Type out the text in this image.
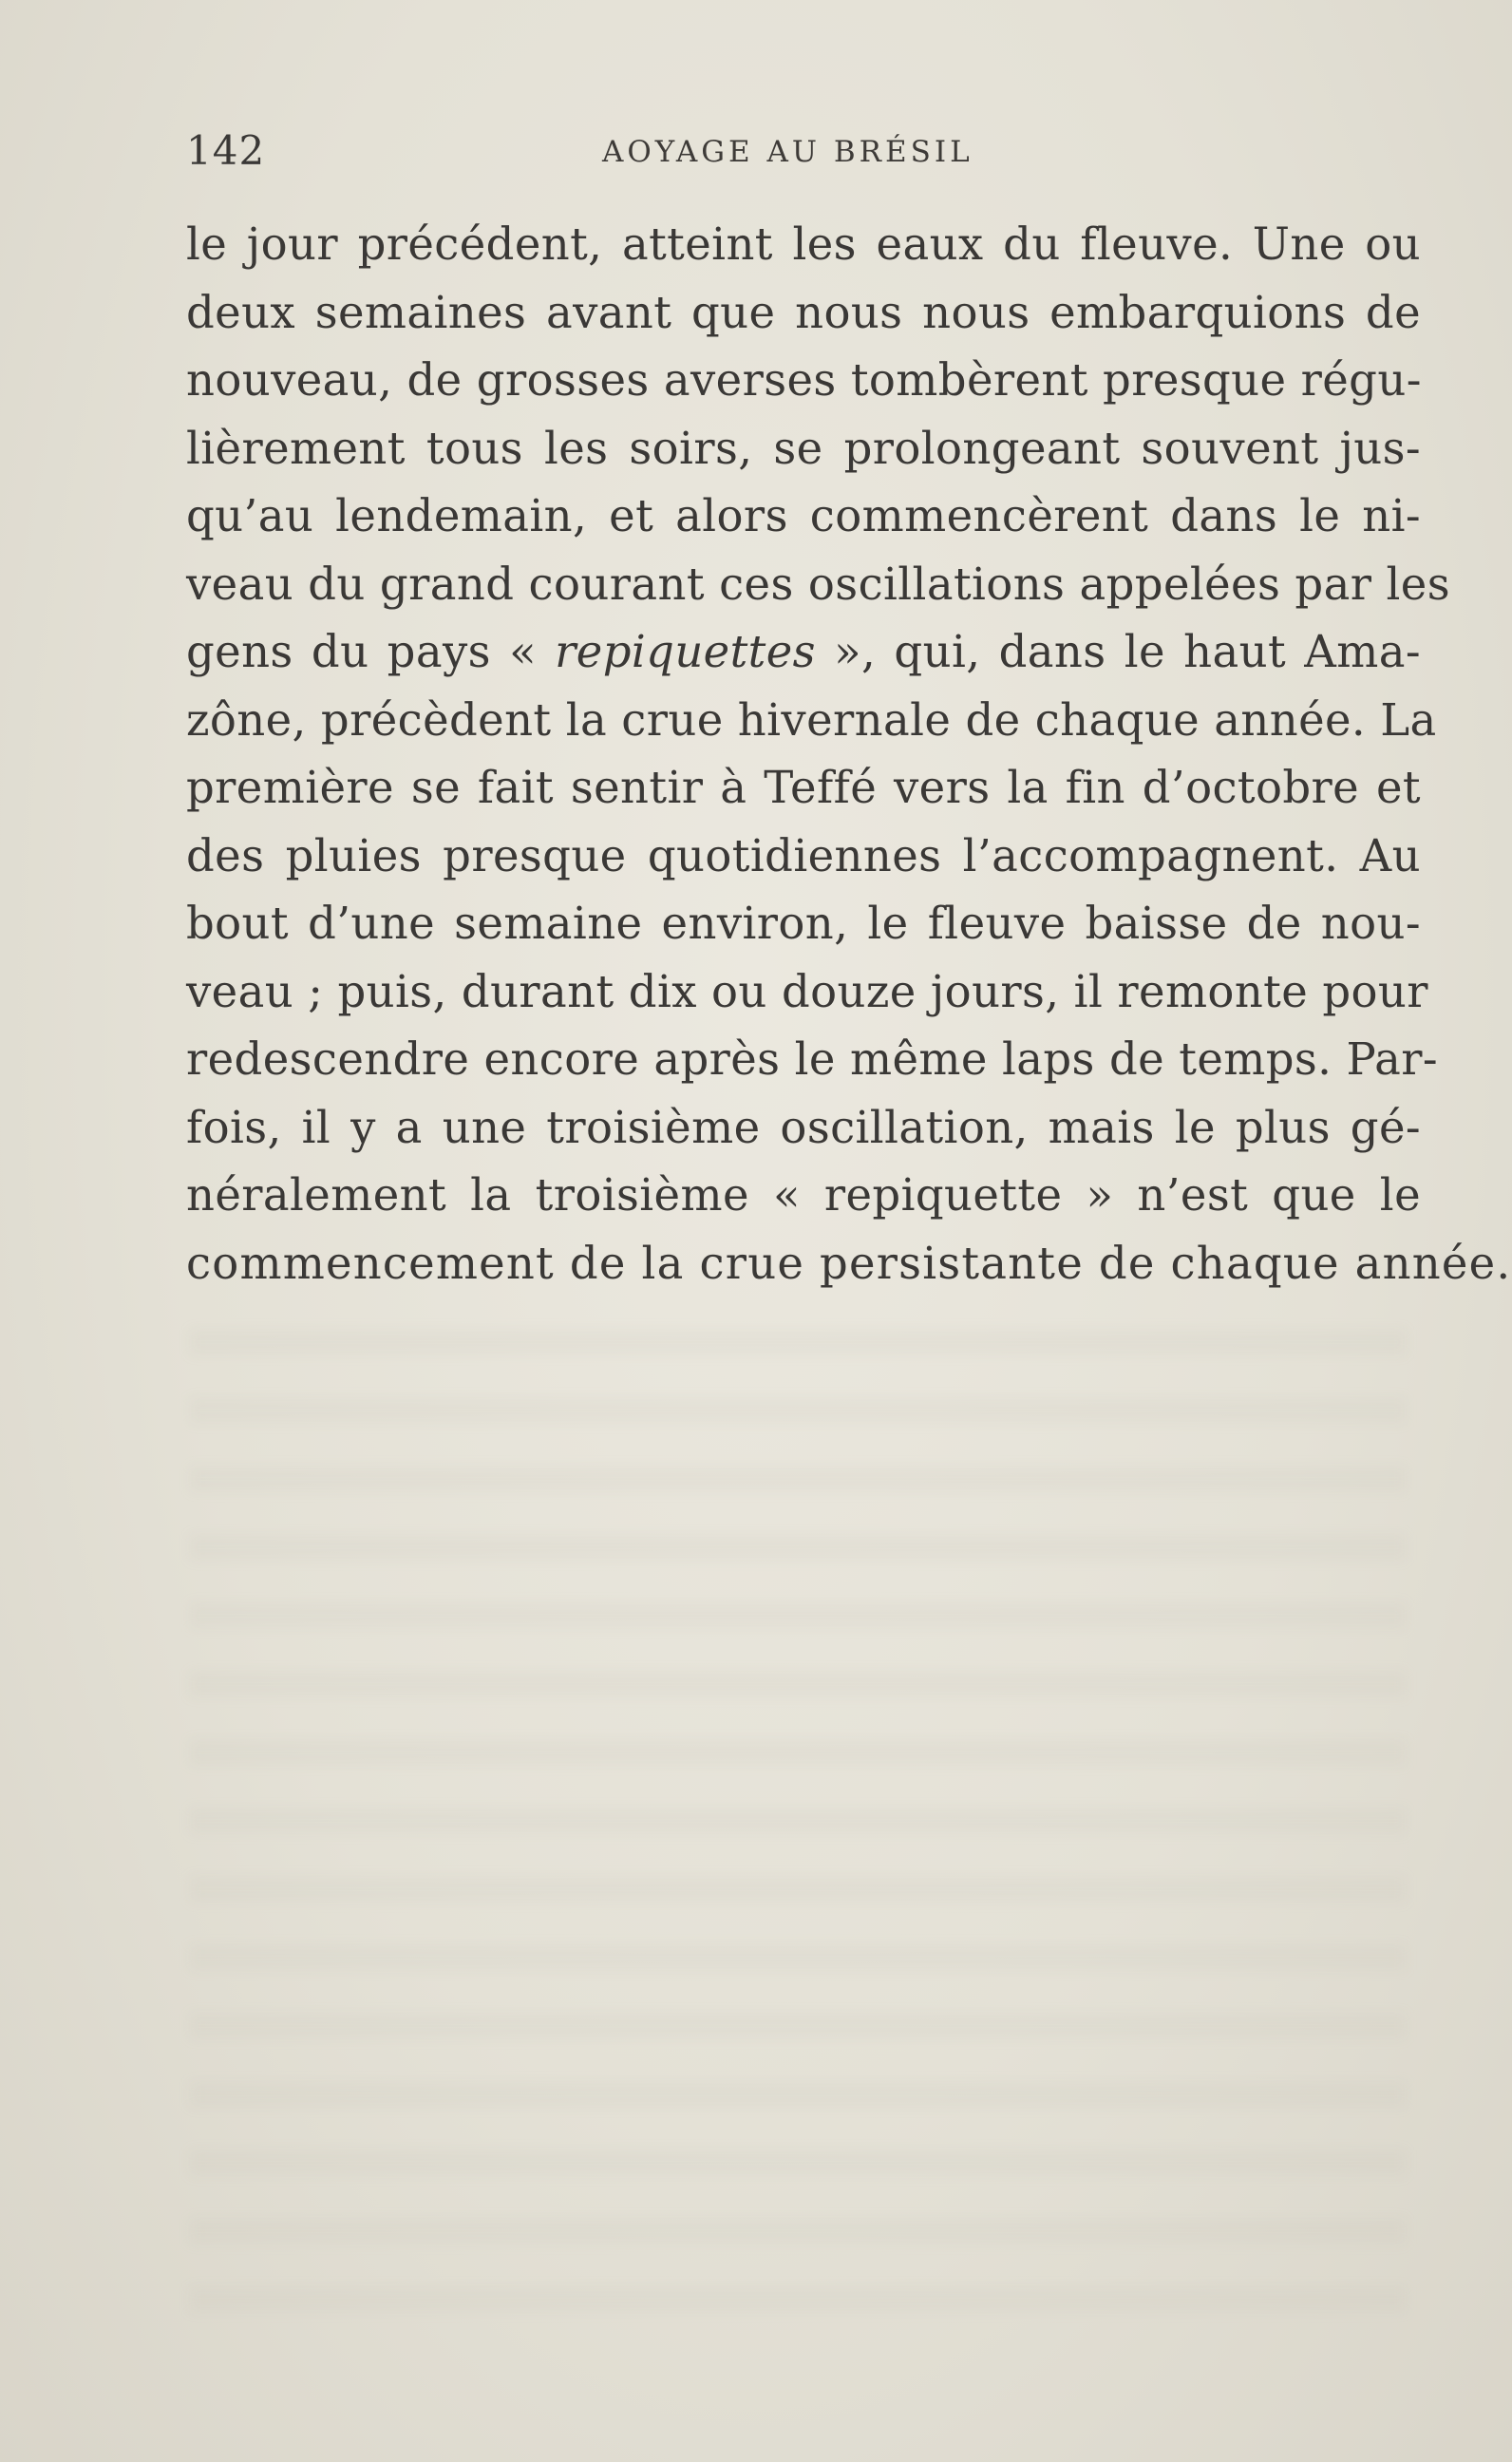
142	AOYAGE AU BRÉSIL
le jour précédent, atteint les eaux du fleuve. Une ou
deux semaines avant que nous nous embarquions de
nouveau, de grosses averses tombèrent presque régu-
lièrement tous les soirs, se prolongeant souvent jus-
qu’au lendemain, et alors commencèrent dans le ni-
veau du grand courant ces oscillations appelées par les
gens du pays « repiquettes », qui, dans le haut Ama-
zône, précèdent la crue hivernale de chaque année. La
première se fait sentir à Teffé vers la fin d’octobre et
des pluies presque quotidiennes l’accompagnent. Au
bout d’une semaine environ, le fleuve baisse de nou-
veau ; puis, durant dix ou douze jours, il remonte pour
redescendre encore après le même laps de temps. Par-
fois, il y a une troisième oscillation, mais le plus gé-
néralement la troisième « repiquette » n’est que le
commencement de la crue persistante de chaque année.
